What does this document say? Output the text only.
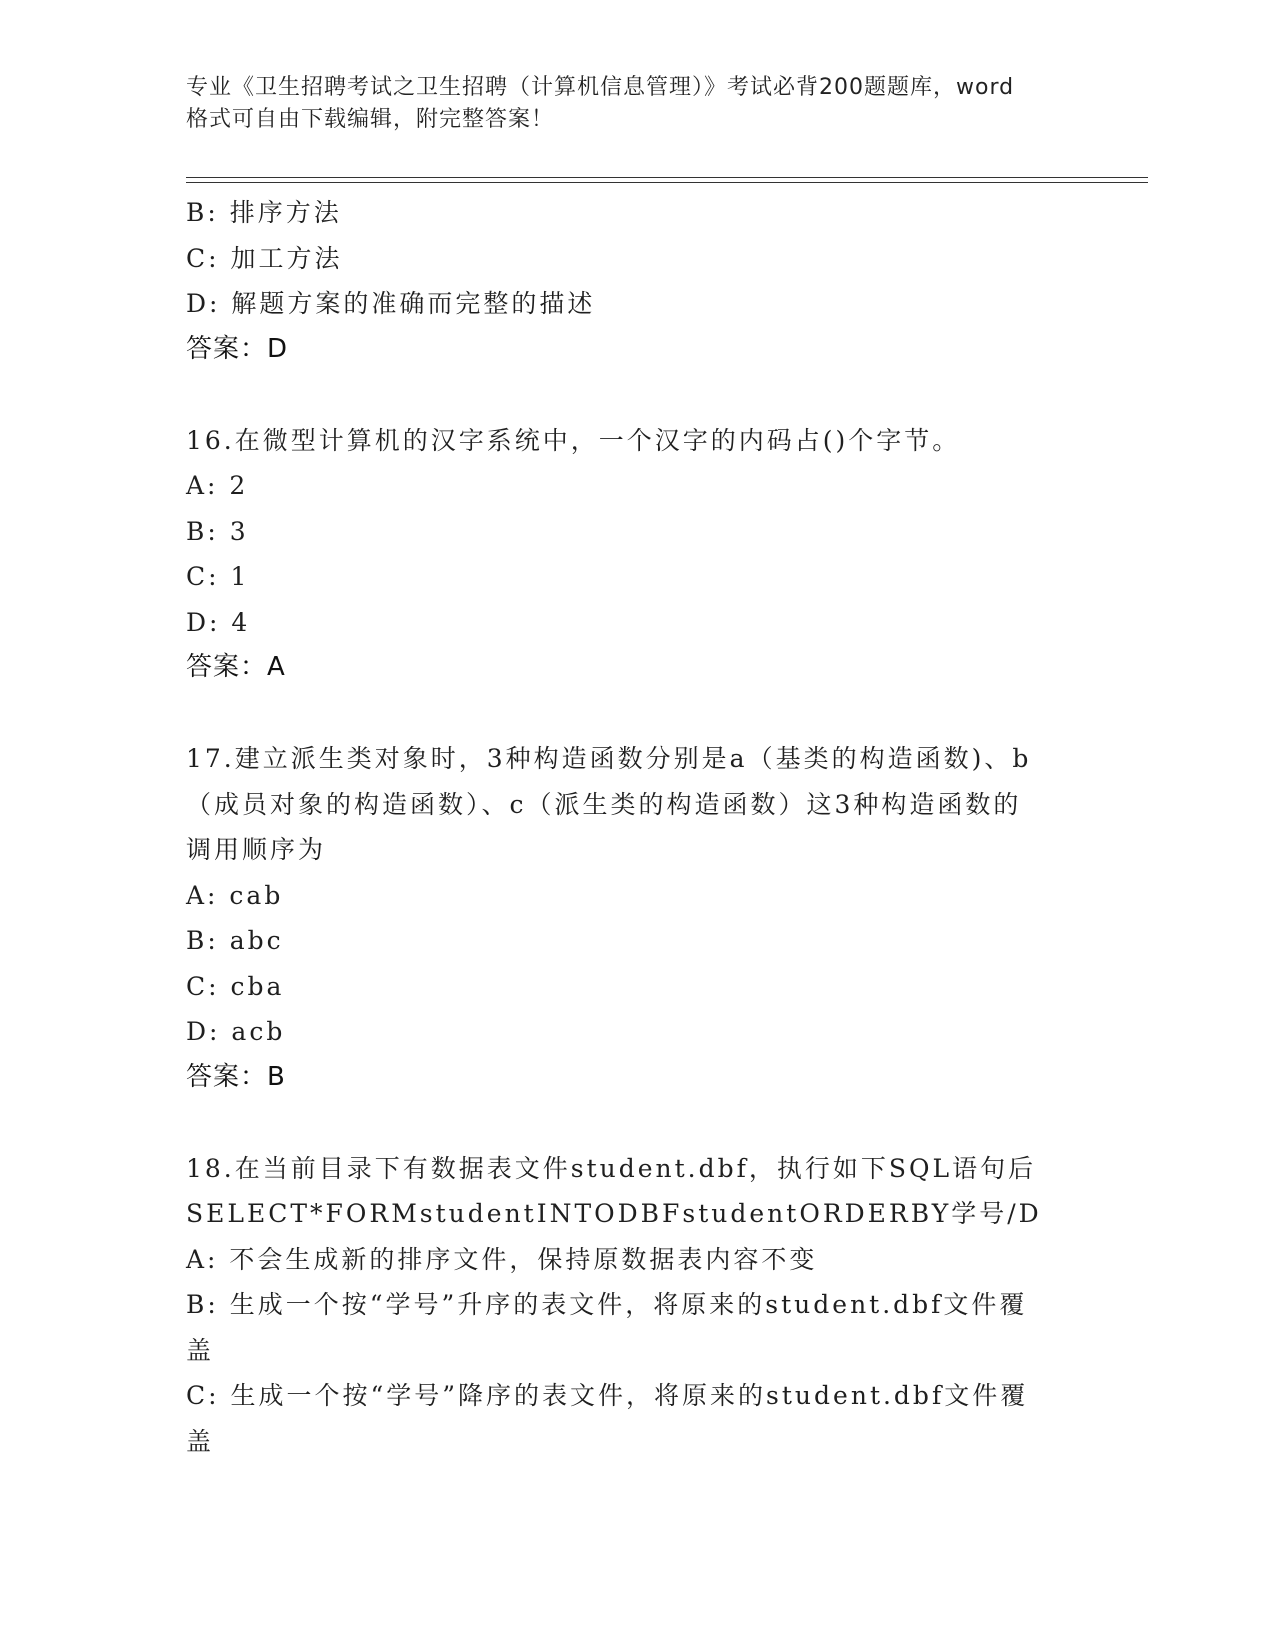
专业《卫生招聘考试之卫生招聘（计算机信息管理）》考试必背200题题库，word
格式可自由下载编辑，附完整答案！
B: 排序方法
C: 加工方法
D: 解题方案的准确而完整的描述
答案：D
16.在微型计算机的汉字系统中，一个汉字的内码占()个字节。
A: 2
B: 3
C: 1
D: 4
答案：A
17.建立派生类对象时，3种构造函数分别是a（基类的构造函数)、b
（成员对象的构造函数）、c（派生类的构造函数）这3种构造函数的
调用顺序为
A: cab
B: abc
C: cba
D: acb
答案：B
18.在当前目录下有数据表文件student.dbf，执行如下SQL语句后
SELECT*FORMstudentINTODBFstudentORDERBY学号/D
A: 不会生成新的排序文件，保持原数据表内容不变
B: 生成一个按“学号”升序的表文件，将原来的student.dbf文件覆
盖
C: 生成一个按“学号”降序的表文件，将原来的student.dbf文件覆
盖
